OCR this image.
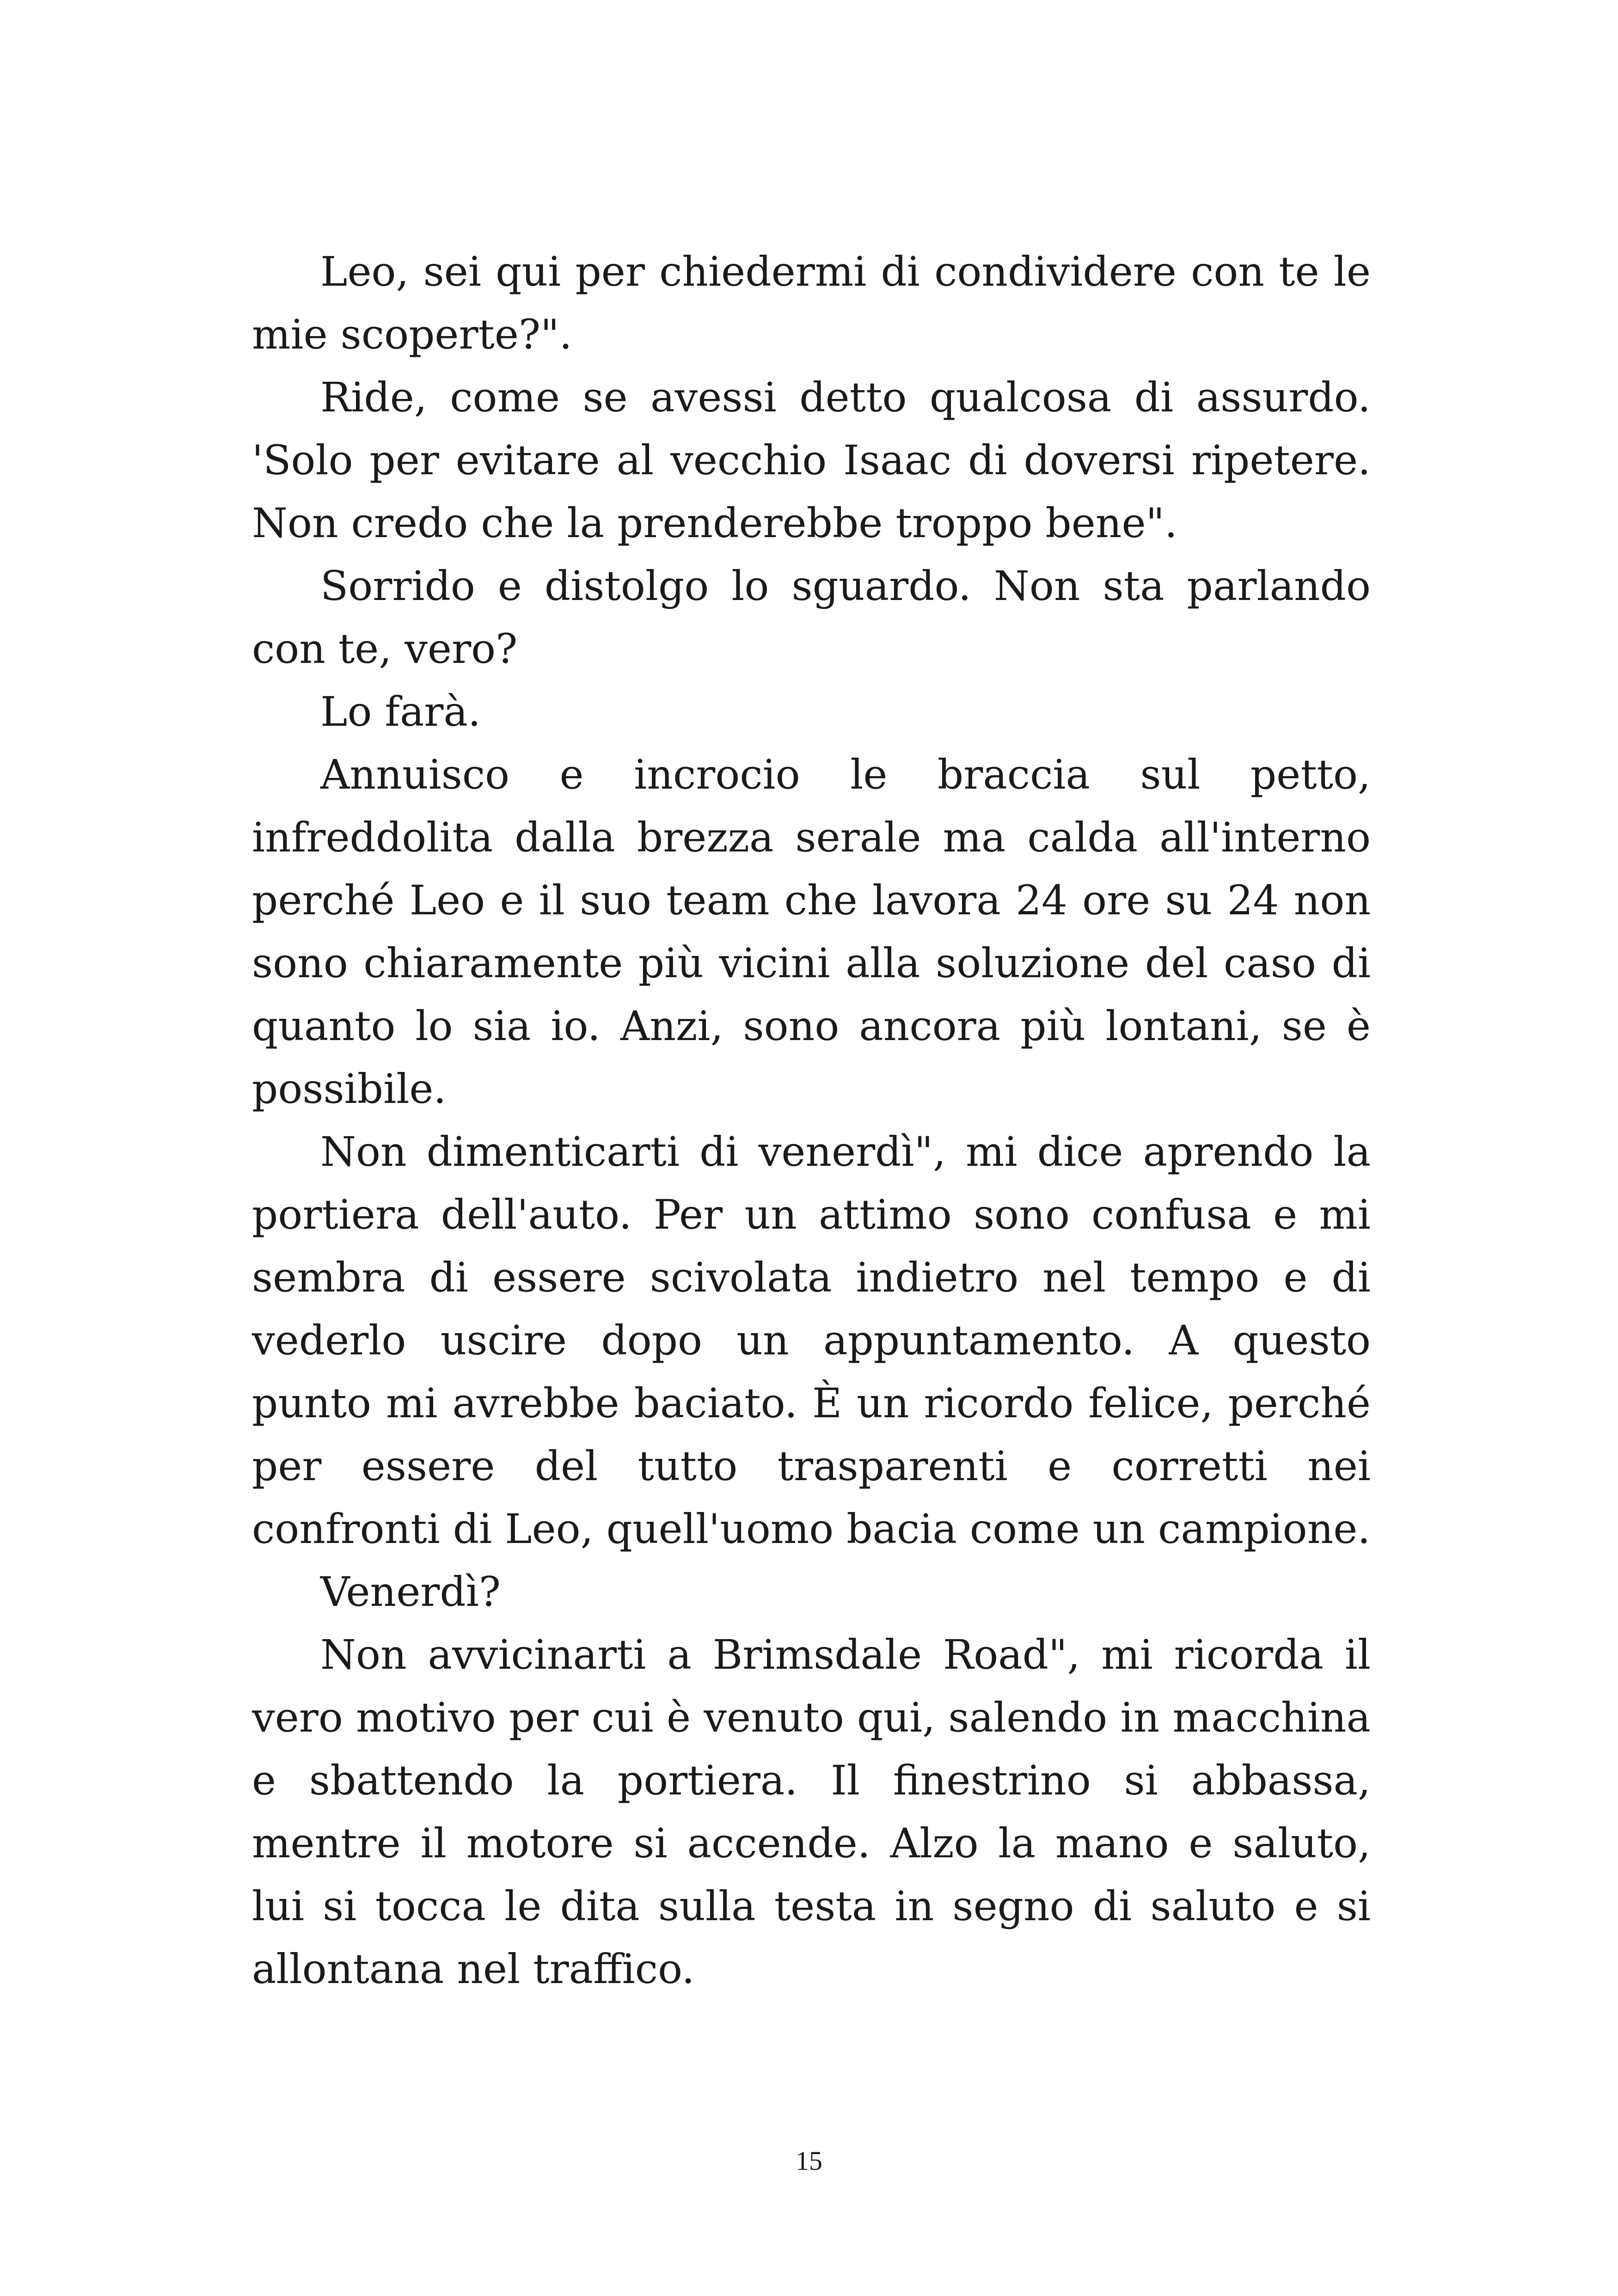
Leo, sei qui per chiedermi di condividere con te le mie scoperte?".

Ride, come se avessi detto qualcosa di assurdo. 'Solo per evitare al vecchio Isaac di doversi ripetere. Non credo che la prenderebbe troppo bene".

Sorrido e distolgo lo sguardo. Non sta parlando con te, vero?

Lo farà.

Annuisco e incrocio le braccia sul petto, infreddolita dalla brezza serale ma calda all'interno perché Leo e il suo team che lavora 24 ore su 24 non sono chiaramente più vicini alla soluzione del caso di quanto lo sia io. Anzi, sono ancora più lontani, se è possibile.

Non dimenticarti di venerdì", mi dice aprendo la portiera dell'auto. Per un attimo sono confusa e mi sembra di essere scivolata indietro nel tempo e di vederlo uscire dopo un appuntamento. A questo punto mi avrebbe baciato. È un ricordo felice, perché per essere del tutto trasparenti e corretti nei confronti di Leo, quell'uomo bacia come un campione.

Venerdì?

Non avvicinarti a Brimsdale Road", mi ricorda il vero motivo per cui è venuto qui, salendo in macchina e sbattendo la portiera. Il finestrino si abbassa, mentre il motore si accende. Alzo la mano e saluto, lui si tocca le dita sulla testa in segno di saluto e si allontana nel traffico.

15
